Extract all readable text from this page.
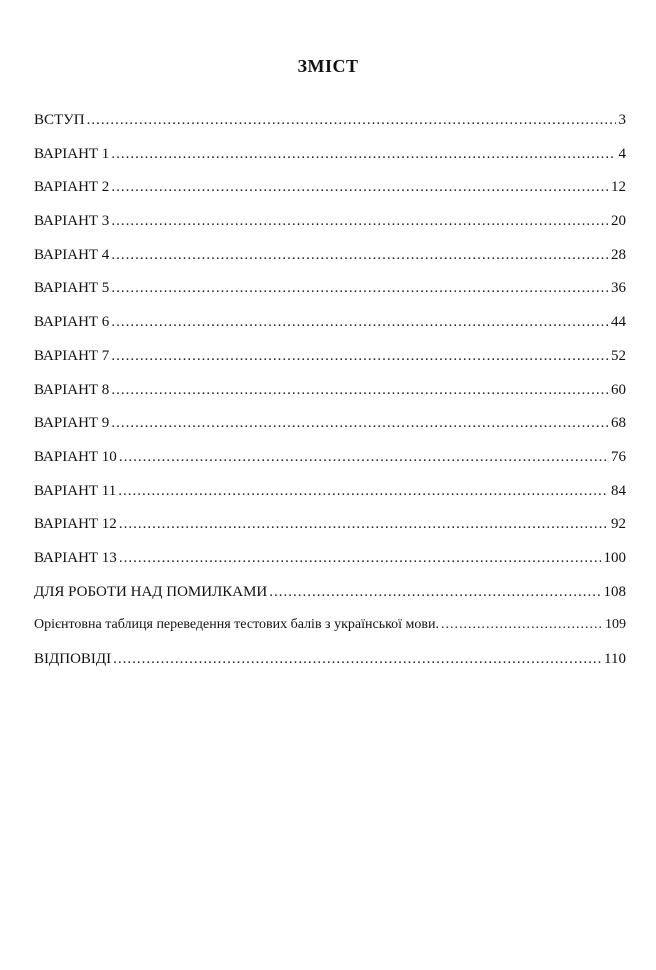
ЗМІСТ
ВСТУП .....	3
ВАРІАНТ 1 .....	4
ВАРІАНТ 2 .....	12
ВАРІАНТ 3 .....	20
ВАРІАНТ 4 .....	28
ВАРІАНТ 5 .....	36
ВАРІАНТ 6 .....	44
ВАРІАНТ 7 .....	52
ВАРІАНТ 8 .....	60
ВАРІАНТ 9 .....	68
ВАРІАНТ 10 .....	76
ВАРІАНТ 11 .....	84
ВАРІАНТ 12 .....	92
ВАРІАНТ 13 .....	100
ДЛЯ РОБОТИ НАД ПОМИЛКАМИ .....	108
Орієнтовна таблиця переведення тестових балів з української мови. .....	109
ВІДПОВІДІ .....	110
